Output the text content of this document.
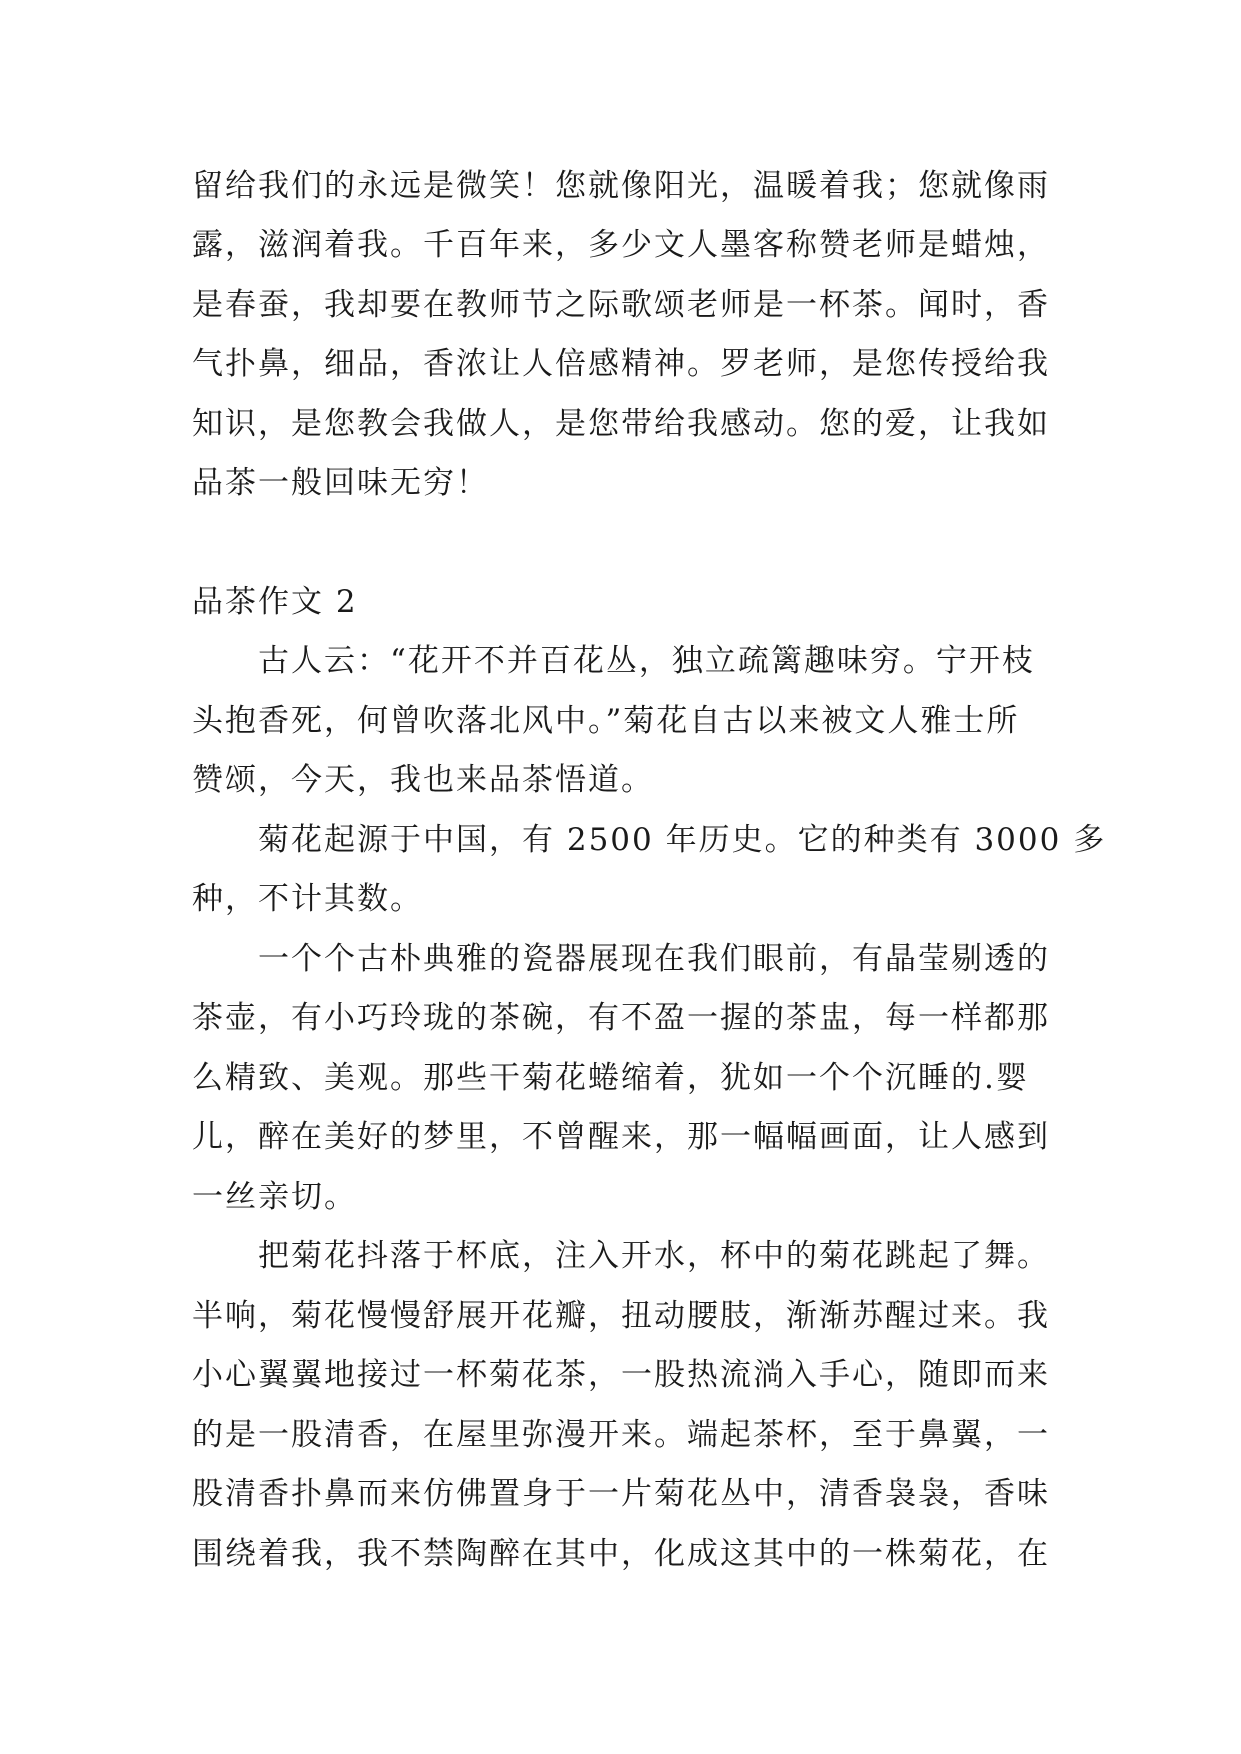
留给我们的永远是微笑！您就像阳光，温暖着我；您就像雨
露，滋润着我。千百年来，多少文人墨客称赞老师是蜡烛，
是春蚕，我却要在教师节之际歌颂老师是一杯茶。闻时，香
气扑鼻，细品，香浓让人倍感精神。罗老师，是您传授给我
知识，是您教会我做人，是您带给我感动。您的爱，让我如
品茶一般回味无穷！
品茶作文 2
古人云：“花开不并百花丛，独立疏篱趣味穷。宁开枝
头抱香死，何曾吹落北风中。”菊花自古以来被文人雅士所
赞颂，今天，我也来品茶悟道。
菊花起源于中国，有 2500 年历史。它的种类有 3000 多
种，不计其数。
一个个古朴典雅的瓷器展现在我们眼前，有晶莹剔透的
茶壶，有小巧玲珑的茶碗，有不盈一握的茶盅，每一样都那
么精致、美观。那些干菊花蜷缩着，犹如一个个沉睡的.婴
儿，醉在美好的梦里，不曾醒来，那一幅幅画面，让人感到
一丝亲切。
把菊花抖落于杯底，注入开水，杯中的菊花跳起了舞。
半响，菊花慢慢舒展开花瓣，扭动腰肢，渐渐苏醒过来。我
小心翼翼地接过一杯菊花茶，一股热流淌入手心，随即而来
的是一股清香，在屋里弥漫开来。端起茶杯，至于鼻翼，一
股清香扑鼻而来仿佛置身于一片菊花丛中，清香袅袅，香味
围绕着我，我不禁陶醉在其中，化成这其中的一株菊花，在
